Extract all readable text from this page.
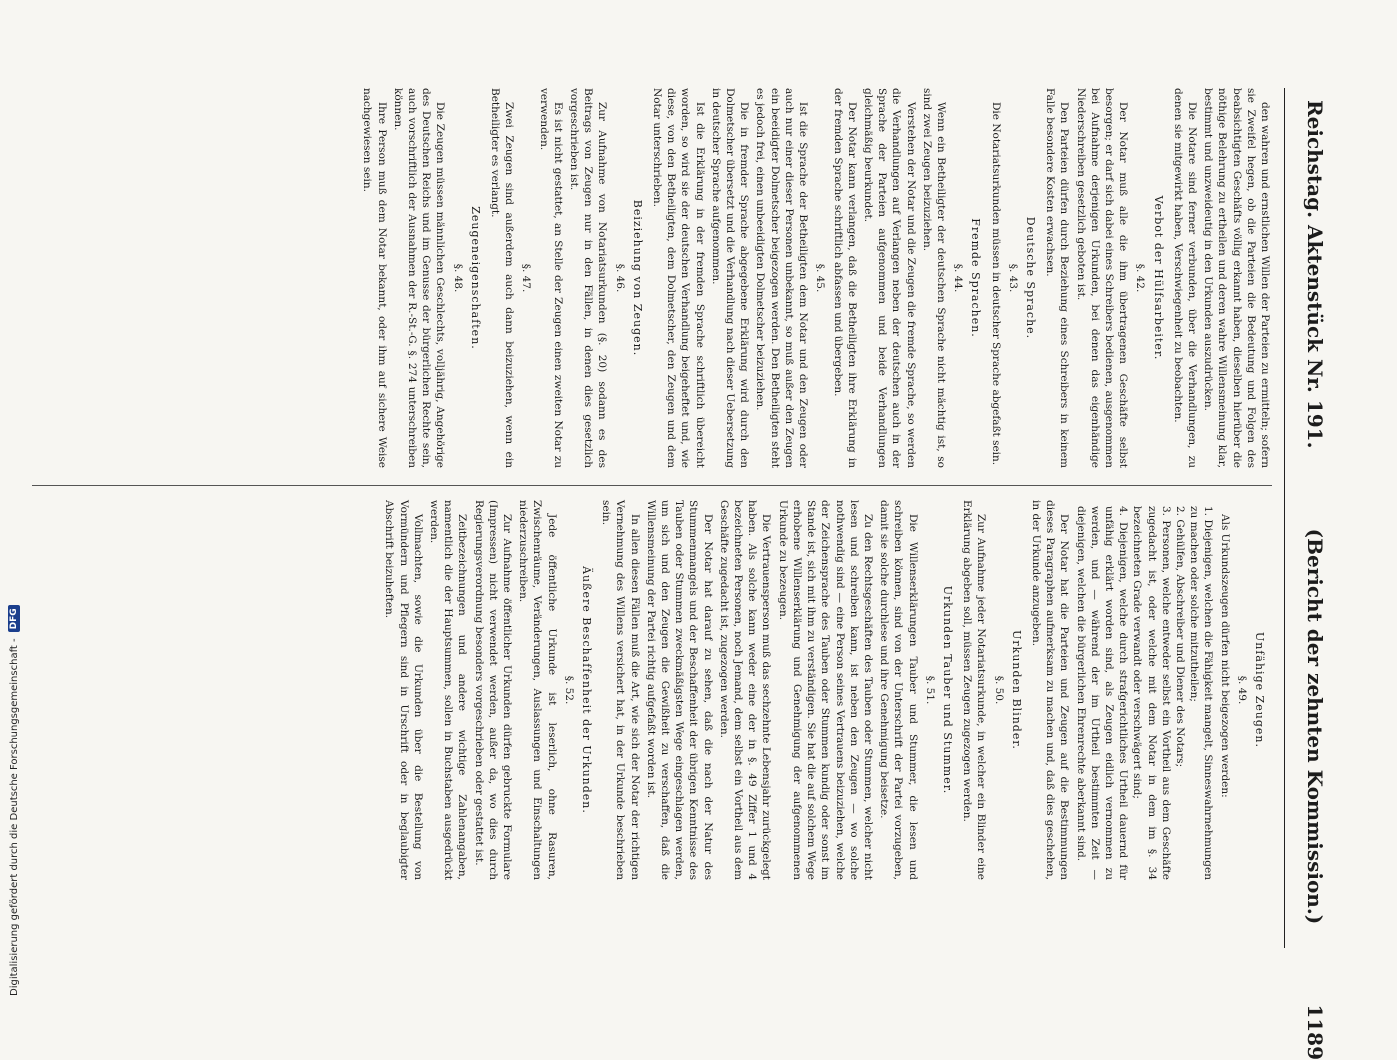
Digitalisierung gefördert durch die Deutsche Forschungsgemeinschaft -
DFG
Reichstag. Aktenstück Nr. 191.
(Bericht der zehnten Kommission.)
1189

den wahren und ernstlichen Willen der Parteien zu ermitteln; sofern sie Zweifel hegen, ob die Parteien die Bedeutung und Folgen des beabsichtigten Geschäfts völlig erkannt haben, dieselben hierüber die nöthige Belehrung zu ertheilen und deren wahre Willensmeinung klar, bestimmt und unzweideutig in den Urkunden auszudrücken.

Die Notare sind ferner verbunden, über die Verhandlungen, zu denen sie mitgewirkt haben, Verschwiegenheit zu beobachten.

Verbot der Hülfsarbeiter.
§. 42.

Der Notar muß alle die ihm übertragenen Geschäfte selbst besorgen; er darf sich dabei eines Schreibers bedienen, ausgenommen bei Aufnahme derjenigen Urkunden, bei denen das eigenhändige Niederschreiben gesetzlich geboten ist.

Den Parteien dürfen durch Beziehung eines Schreibers in keinem Falle besondere Kosten erwachsen.

Deutsche Sprache.
§. 43.

Die Notariatsurkunden müssen in deutscher Sprache abgefaßt sein.

Fremde Sprachen.
§. 44.

Wenn ein Betheiligter der deutschen Sprache nicht mächtig ist, so sind zwei Zeugen beizuziehen.

Verstehen der Notar und die Zeugen die fremde Sprache, so werden die Verhandlungen auf Verlangen neben der deutschen auch in der Sprache der Parteien aufgenommen und beide Verhandlungen gleichmäßig beurkundet.

Der Notar kann verlangen, daß die Betheiligten ihre Erklärung in der fremden Sprache schriftlich abfassen und übergeben.

§. 45.

Ist die Sprache der Betheiligten dem Notar und den Zeugen oder auch nur einer dieser Personen unbekannt, so muß außer den Zeugen ein beeidigter Dolmetscher beigezogen werden. Den Betheiligten steht es jedoch frei, einen unbeeidigten Dolmetscher beizuziehen.

Die in fremder Sprache abgegebene Erklärung wird durch den Dolmetscher übersetzt und die Verhandlung nach dieser Uebersetzung in deutscher Sprache aufgenommen.

Ist die Erklärung in der fremden Sprache schriftlich übereicht worden, so wird sie der deutschen Verhandlung beigeheftet und, wie diese, von den Betheiligten, dem Dolmetscher, den Zeugen und dem Notar unterschrieben.

Beiziehung von Zeugen.
§. 46.

Zur Aufnahme von Notariatsurkunden (§. 20) sodann es des Beitrags von Zeugen nur in den Fällen, in denen dies gesetzlich vorgeschrieben ist.

Es ist nicht gestattet, an Stelle der Zeugen einen zweiten Notar zu verwenden.

§. 47.

Zwei Zeugen sind außerdem auch dann beizuziehen, wenn ein Betheiligter es verlangt.

Zeugeneigenschaften.
§. 48.

Die Zeugen müssen männlichen Geschlechts, volljährig, Angehörige des Deutschen Reichs und im Genusse der bürgerlichen Rechte sein, auch vorschriftlich der Ausnahmen der R.-St.-G. §. 274 unterschreiben können.

Ihre Person muß dem Notar bekannt, oder ihm auf sichere Weise nachgewiesen sein.

Unfähige Zeugen.
§. 49.

Als Urkundszeugen dürfen nicht beigezogen werden:

1. Diejenigen, welchen die Fähigkeit mangelt, Sinneswahrnehmungen zu machen oder solche mitzutheilen;
2. Gehülfen, Abschreiber und Diener des Notars;
3. Personen, welche entweder selbst ein Vortheil aus dem Geschäfte zugedacht ist, oder welche mit dem Notar in dem im §. 34 bezeichneten Grade verwandt oder verschwägert sind;
4. Diejenigen, welche durch strafgerichtliches Urtheil dauernd für unfähig erklärt worden sind, als Zeugen eidlich vernommen zu werden, und — während der im Urtheil bestimmten Zeit — diejenigen, welchen die bürgerlichen Ehrenrechte aberkannt sind.

Der Notar hat die Parteien und Zeugen auf die Bestimmungen dieses Paragraphen aufmerksam zu machen und, daß dies geschehen, in der Urkunde anzugeben.

Urkunden Blinder.
§. 50.

Zur Aufnahme jeder Notariatsurkunde, in welcher ein Blinder eine Erklärung abgeben soll, müssen Zeugen zugezogen werden.

Urkunden Tauber und Stummer.
§. 51.

Die Willenserklärungen Tauber und Stummer, die lesen und schreiben können, sind von der Unterschrift der Partei vorzugeben, damit sie solche durchlese und ihre Genehmigung beisetze.

Zu den Rechtsgeschäften des Tauben oder Stummen, welcher nicht lesen und schreiben kann, ist neben den Zeugen — wo solche nothwendig sind — eine Person seines Vertrauens beizuziehen, welche der Zeichensprache des Tauben oder Stummen kundig oder sonst im Stande ist, sich mit ihm zu verständigen. Sie hat die auf solchem Wege erhobene Willenserklärung und Genehmigung der aufgenommenen Urkunde zu bezeugen.

Die Vertrauensperson muß das sechzehnte Lebensjahr zurückgelegt haben. Als solche kann weder eine der in §. 49 Ziffer 1 und 4 bezeichneten Personen, noch Jemand, dem selbst ein Vortheil aus dem Geschäfte zugedacht ist, zugezogen werden.

Der Notar hat darauf zu sehen, daß die nach der Natur des Stummenmangels und der Beschaffenheit der übrigen Kenntnisse des Tauben oder Stummen zweckmäßigsten Wege eingeschlagen werden, um sich und den Zeugen die Gewißheit zu verschaffen, daß die Willensmeinung der Partei richtig aufgefaßt worden ist.

In allen diesen Fällen muß die Art, wie sich der Notar der richtigen Vernehmung des Willens versichert hat, in der Urkunde beschrieben sein.

Äußere Beschaffenheit der Urkunden.
§. 52.

Jede öffentliche Urkunde ist leserlich, ohne Rasuren, Zwischenräume, Veränderungen, Auslassungen und Einschaltungen niederzuschreiben.

Zur Aufnahme öffentlicher Urkunden dürfen gebruckte Formulare (Impressen) nicht verwendet werden, außer da, wo dies durch Regierungsverordnung besonders vorgeschrieben oder gestattet ist.

Zeitbezeichnungen und andere wichtige Zahlenangaben, namentlich die der Hauptsummen, sollen in Buchstaben ausgedrückt werden.

Vollmachten, sowie die Urkunden über die Bestellung von Vormündern und Pflegern sind in Urschrift oder in beglaubigter Abschrift beizuheften.
